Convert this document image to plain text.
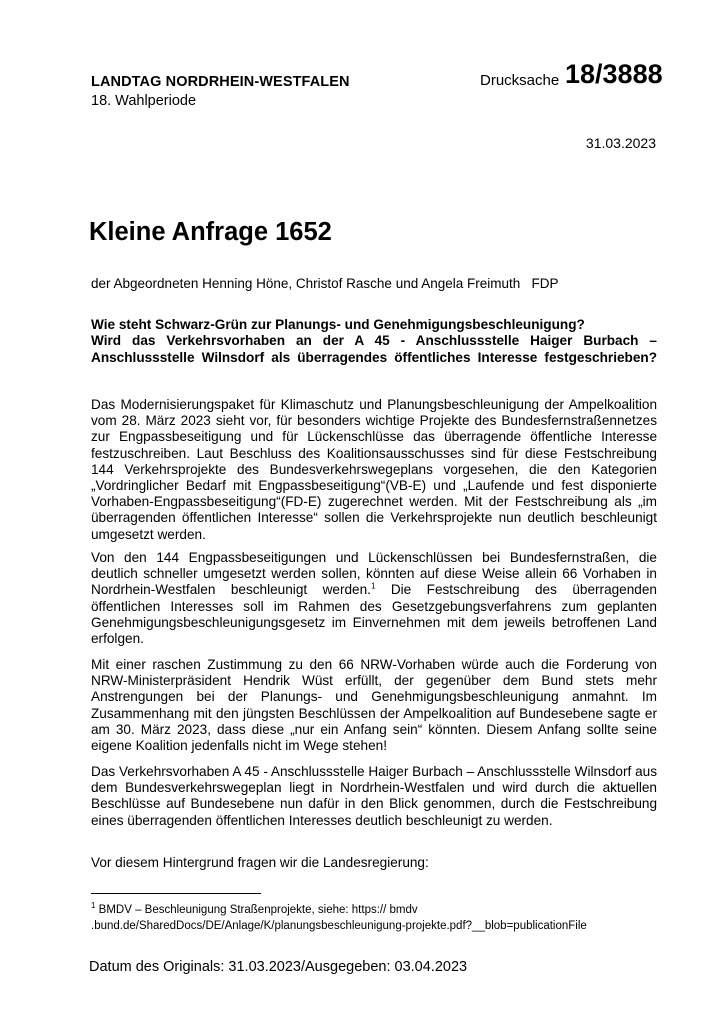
LANDTAG NORDRHEIN-WESTFALEN
18. Wahlperiode
Drucksache 18/3888
31.03.2023
Kleine Anfrage 1652
der Abgeordneten Henning Höne, Christof Rasche und Angela Freimuth   FDP
Wie steht Schwarz-Grün zur Planungs- und Genehmigungsbeschleunigung?
Wird das Verkehrsvorhaben an der A 45 - Anschlussstelle Haiger Burbach –
Anschlussstelle Wilnsdorf als überragendes öffentliches Interesse festgeschrieben?

Das Modernisierungspaket für Klimaschutz und Planungsbeschleunigung der Ampelkoalition vom 28. März 2023 sieht vor, für besonders wichtige Projekte des Bundesfernstraßennetzes zur Engpassbeseitigung und für Lückenschlüsse das überragende öffentliche Interesse festzuschreiben. Laut Beschluss des Koalitionsausschusses sind für diese Festschreibung 144 Verkehrsprojekte des Bundesverkehrswegeplans vorgesehen, die den Kategorien „Vordringlicher Bedarf mit Engpassbeseitigung“(VB-E) und „Laufende und fest disponierte Vorhaben-Engpassbeseitigung“(FD-E) zugerechnet werden. Mit der Festschreibung als „im überragenden öffentlichen Interesse“ sollen die Verkehrsprojekte nun deutlich beschleunigt umgesetzt werden.

Von den 144 Engpassbeseitigungen und Lückenschlüssen bei Bundesfernstraßen, die deutlich schneller umgesetzt werden sollen, könnten auf diese Weise allein 66 Vorhaben in Nordrhein-Westfalen beschleunigt werden.$^1$ Die Festschreibung des überragenden öffentlichen Interesses soll im Rahmen des Gesetzgebungsverfahrens zum geplanten Genehmigungsbeschleunigungsgesetz im Einvernehmen mit dem jeweils betroffenen Land erfolgen.

Mit einer raschen Zustimmung zu den 66 NRW-Vorhaben würde auch die Forderung von NRW-Ministerpräsident Hendrik Wüst erfüllt, der gegenüber dem Bund stets mehr Anstrengungen bei der Planungs- und Genehmigungsbeschleunigung anmahnt. Im Zusammenhang mit den jüngsten Beschlüssen der Ampelkoalition auf Bundesebene sagte er am 30. März 2023, dass diese „nur ein Anfang sein“ könnten. Diesem Anfang sollte seine eigene Koalition jedenfalls nicht im Wege stehen!

Das Verkehrsvorhaben A 45 - Anschlussstelle Haiger Burbach – Anschlussstelle Wilnsdorf aus dem Bundesverkehrswegeplan liegt in Nordrhein-Westfalen und wird durch die aktuellen Beschlüsse auf Bundesebene nun dafür in den Blick genommen, durch die Festschreibung eines überragenden öffentlichen Interesses deutlich beschleunigt zu werden.

Vor diesem Hintergrund fragen wir die Landesregierung:

$^1$ BMDV – Beschleunigung Straßenprojekte, siehe: https:// bmdv
.bund.de/SharedDocs/DE/Anlage/K/planungsbeschleunigung-projekte.pdf?__blob=publicationFile
Datum des Originals: 31.03.2023/Ausgegeben: 03.04.2023
